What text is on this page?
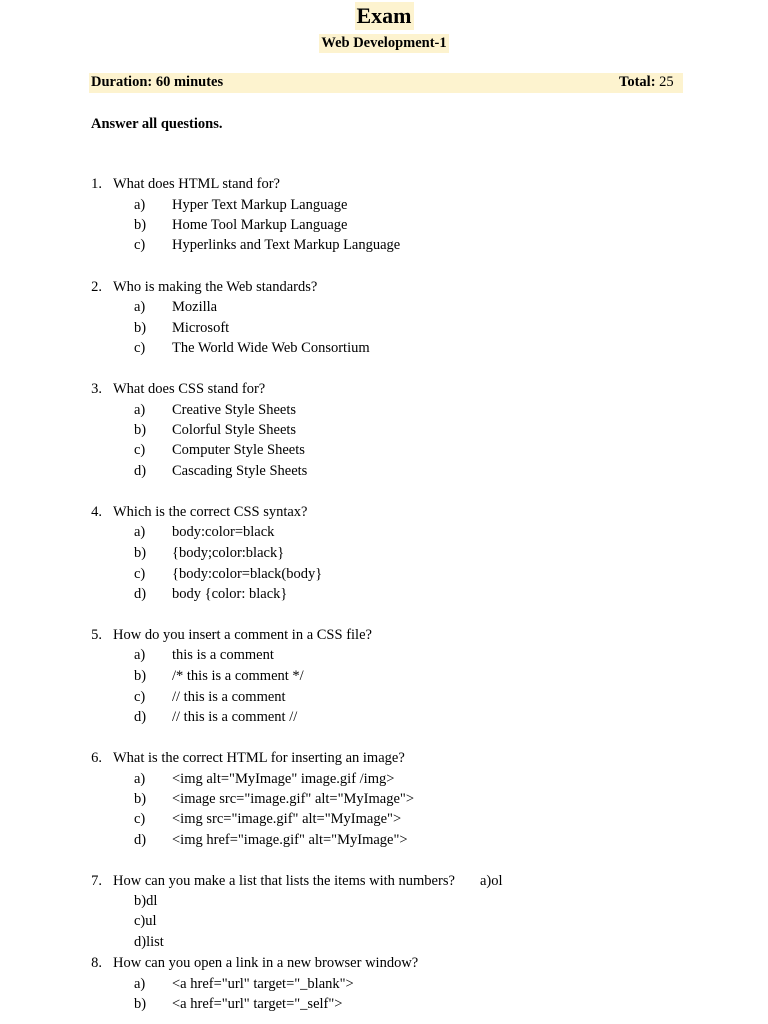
Exam
Web Development-1
Duration: 60 minutes	Total: 25
Answer all questions.
1. What does HTML stand for?
a) Hyper Text Markup Language
b) Home Tool Markup Language
c) Hyperlinks and Text Markup Language
2. Who is making the Web standards?
a) Mozilla
b) Microsoft
c) The World Wide Web Consortium
3. What does CSS stand for?
a) Creative Style Sheets
b) Colorful Style Sheets
c) Computer Style Sheets
d) Cascading Style Sheets
4. Which is the correct CSS syntax?
a) body:color=black
b) {body;color:black}
c) {body:color=black(body}
d) body {color: black}
5. How do you insert a comment in a CSS file?
a) this is a comment
b) /* this is a comment */
c) // this is a comment
d) // this is a comment //
6. What is the correct HTML for inserting an image?
a) <img alt="MyImage" image.gif /img>
b) <image src="image.gif" alt="MyImage">
c) <img src="image.gif" alt="MyImage">
d) <img href="image.gif" alt="MyImage">
7. How can you make a list that lists the items with numbers? a)ol
b)dl
c)ul
d)list
8. How can you open a link in a new browser window?
a) <a href="url" target="_blank">
b) <a href="url" target="_self">
